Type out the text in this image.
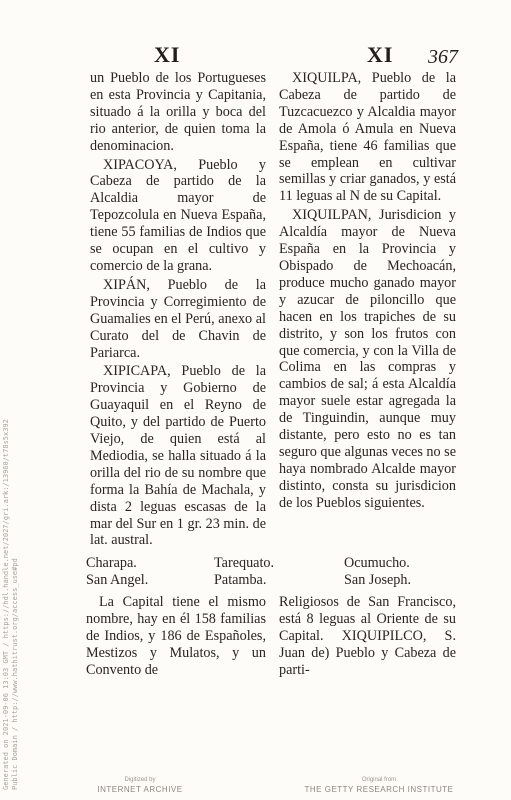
Generated on 2021-09-06 13:03 GMT / https://hdl.handle.net/2027/gri.ark:/13960/t78s5x392 Public Domain / http://www.hathitrust.org/access_use#pd
XI	XI 367

un Pueblo de los Portugueses en esta Provincia y Capitania, situado á la orilla y boca del rio anterior, de quien toma la denominacion.

XIPACOYA, Pueblo y Cabeza de partido de la Alcaldia mayor de Tepozcolula en Nueva España, tiene 55 familias de Indios que se ocupan en el cultivo y comercio de la grana.

XIPÁN, Pueblo de la Provincia y Corregimiento de Guamalies en el Perú, anexo al Curato del de Chavin de Pariarca.

XIPICAPA, Pueblo de la Provincia y Gobierno de Guayaquil en el Reyno de Quito, y del partido de Puerto Viejo, de quien está al Mediodia, se halla situado á la orilla del rio de su nombre que forma la Bahía de Machala, y dista 2 leguas escasas de la mar del Sur en 1 gr. 23 min. de lat. austral.

XIQUILPA, Pueblo de la Cabeza de partido de Tuzcacuezco y Alcaldia mayor de Amola ó Amula en Nueva España, tiene 46 familias que se emplean en cultivar semillas y criar ganados, y está 11 leguas al N de su Capital.

XIQUILPAN, Jurisdicion y Alcaldía mayor de Nueva España en la Provincia y Obispado de Mechoacán, produce mucho ganado mayor y azucar de piloncillo que hacen en los trapiches de su distrito, y son los frutos con que comercia, y con la Villa de Colima en las compras y cambios de sal; á esta Alcaldía mayor suele estar agregada la de Tinguindin, aunque muy distante, pero esto no es tan seguro que algunas veces no se haya nombrado Alcalde mayor distinto, consta su jurisdicion de los Pueblos siguientes.

Charapa.	Tarequato.	Ocumucho.
San Angel.	Patamba.	San Joseph.
La Capital tiene el mismo nombre, hay en él 158 familias de Indios, y 186 de Españoles, Mestizos y Mulatos, y un Convento de
Religiosos de San Francisco, está 8 leguas al Oriente de su Capital. XIQUIPILCO, S. Juan de) Pueblo y Cabeza de parti-
Digitized by
INTERNET ARCHIVE
Original from
THE GETTY RESEARCH INSTITUTE
